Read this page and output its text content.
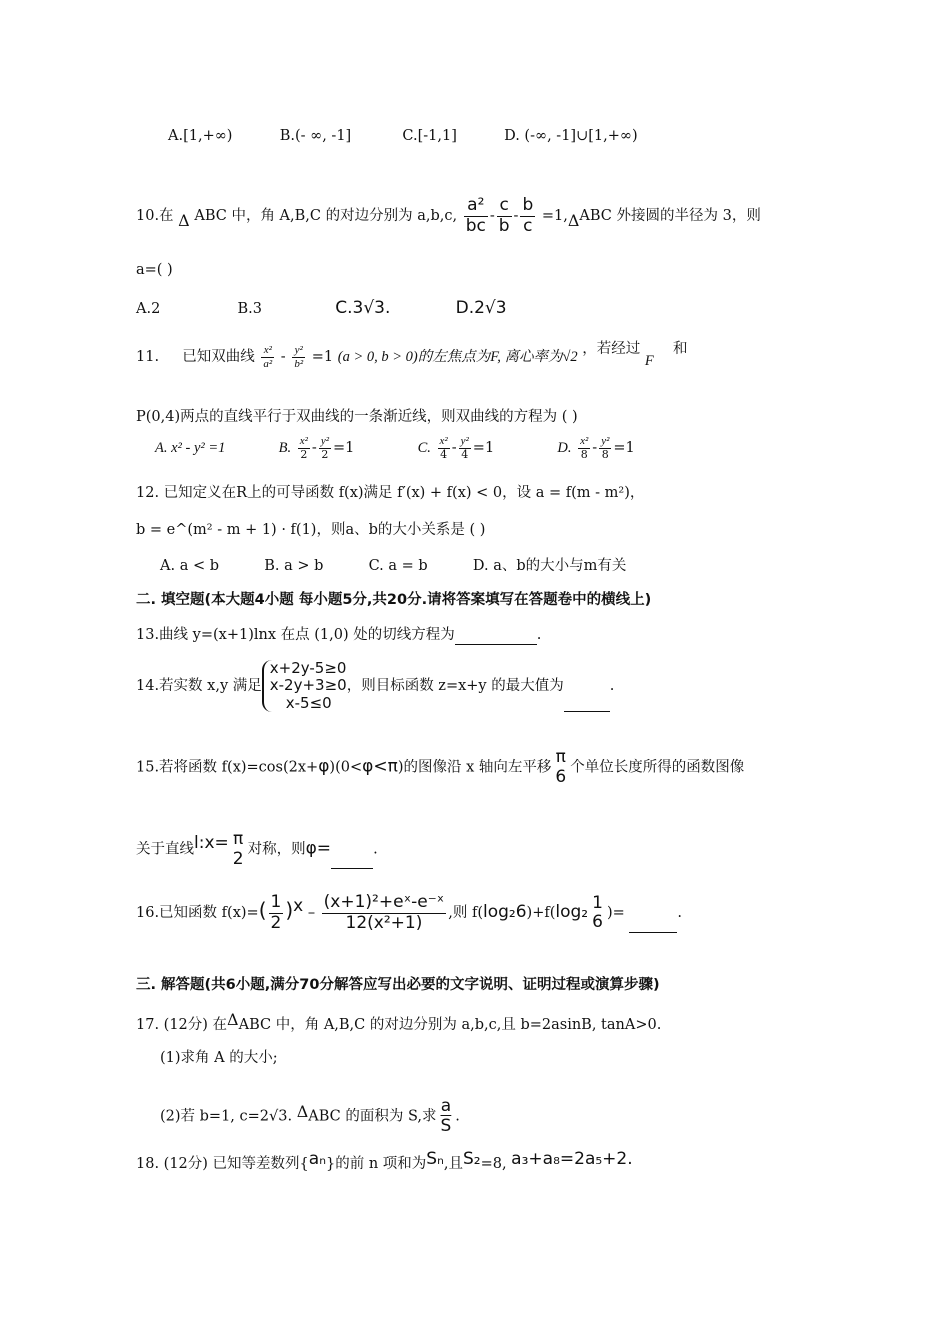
A.[1,+∞)	B.(- ∞, -1]	C.[-1,1]	D. (-∞, -1]∪[1,+∞)
10.在 Δ ABC 中，角 A,B,C 的对边分别为 a,b,c, $\frac{\text{a²}}{bc} - \frac{c}{b} - \frac{b}{c} =1,\Delta ABC$ 外接圆的半径为 3，则
a=( )
A.2	B.3	C.3√3.	D.2√3
11. 已知双曲线 $\frac{\text{x²}}{\text{a²}} - \frac{\text{y²}}{\text{b²}} =1$ (a > 0, b > 0)的左焦点为F, 离心率为√2 ，若经过 F  和
P(0,4)两点的直线平行于双曲线的一条渐近线，则双曲线的方程为 ( )
A. x² - y² =1	B. $\frac{\text{x²}}{2} - \frac{\text{y²}}{2} =1$	C. $\frac{\text{x²}}{4} - \frac{\text{y²}}{4} =1$	D. $\frac{\text{x²}}{8} - \frac{\text{y²}}{8} =1$
12. 已知定义在R上的可导函数 f(x)满足 f′(x) + f(x) < 0，设 a = f(m - m²)，
b = e^(m² - m + 1) · f(1)，则a、b的大小关系是 ( )
A. a < b	B. a > b	C. a = b	D. a、b的大小与m有关
二. 填空题(本大题4小题 每小题5分,共20分.请将答案填写在答题卷中的横线上)
13.曲线 y=(x+1)lnx 在点 (1,0) 处的切线方程为	.
14.若实数 x,y 满足
x+2y-5≥0
x-2y+3≥0
x-5≤0
，则目标函数 z=x+y 的最大值为	.
15.若将函数 f(x)=cos(2x+φ)(0<φ<π)的图像沿 x 轴向左平移
π
6 个单位长度所得的函数图像
关于直线l:x= π
2 对称，则φ=	.
16.已知函数 $f(x)=( \frac{1}{2} )^x - \frac{\text{(x+1)²+eˣ-e⁻ˣ}}{\text{12(x²+1)}}$ ,则 f(log₂6)+f(log₂ 1
6 )=	.
三. 解答题(共6小题,满分70分解答应写出必要的文字说明、证明过程或演算步骤)
17. (12分) 在ΔABC 中，角 A,B,C 的对边分别为 a,b,c,且 b=2asinB, tanA>0.
(1)求角 A 的大小;
(2)若 b=1, c=2√3. ΔABC 的面积为 S,求 $\frac{a}{S}$ .
18. (12分) 已知等差数列{aₙ}的前 n 项和为Sₙ,且S₂=8, a₃+a₈=2a₅+2.
